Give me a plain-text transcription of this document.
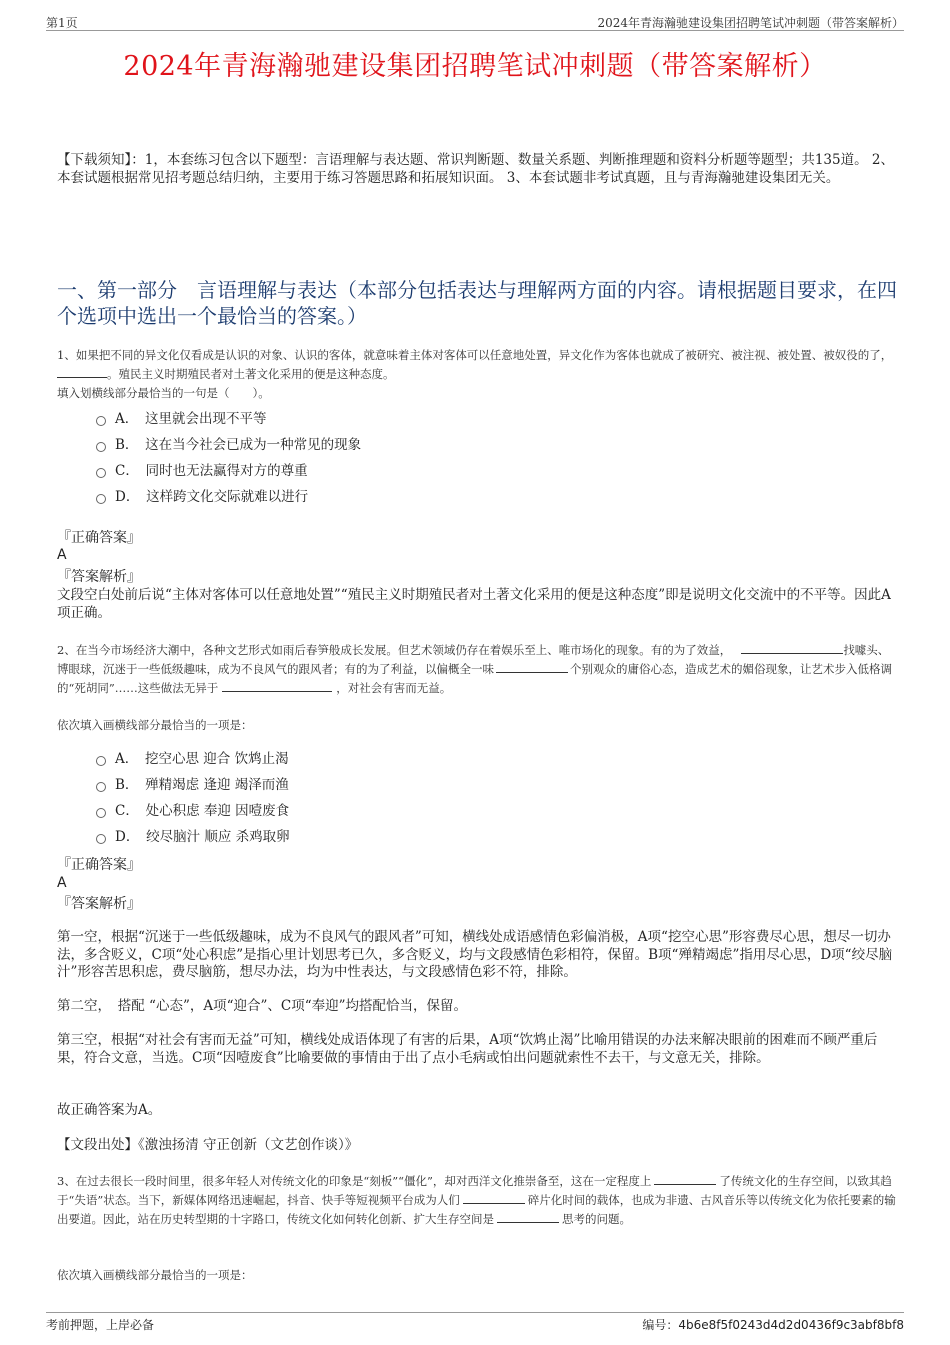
第1页	2024年青海瀚驰建设集团招聘笔试冲刺题（带答案解析）
2024年青海瀚驰建设集团招聘笔试冲刺题（带答案解析）
【下载须知】：1，本套练习包含以下题型：言语理解与表达题、常识判断题、数量关系题、判断推理题和资料分析题等题型；共135道。 2、本套试题根据常见招考题总结归纳，主要用于练习答题思路和拓展知识面。 3、本套试题非考试真题，且与青海瀚驰建设集团无关。
一、第一部分　言语理解与表达（本部分包括表达与理解两方面的内容。请根据题目要求，在四个选项中选出一个最恰当的答案。）
1、如果把不同的异文化仅看成是认识的对象、认识的客体，就意味着主体对客体可以任意地处置，异文化作为客体也就成了被研究、被注视、被处置、被奴役的了，。殖民主义时期殖民者对土著文化采用的便是这种态度。
填入划横线部分最恰当的一句是（　　）。
A．　这里就会出现不平等
B．　这在当今社会已成为一种常见的现象
C．　同时也无法赢得对方的尊重
D．　这样跨文化交际就难以进行
『正确答案』
A
『答案解析』
文段空白处前后说“主体对客体可以任意地处置”“殖民主义时期殖民者对土著文化采用的便是这种态度”即是说明文化交流中的不平等。因此A项正确。
2、在当今市场经济大潮中，各种文艺形式如雨后春笋般成长发展。但艺术领域仍存在着娱乐至上、唯市场化的现象。有的为了效益，	找噱头、博眼球，沉迷于一些低级趣味，成为不良风气的跟风者；有的为了利益，以偏概全一味	个别观众的庸俗心态，造成艺术的媚俗现象，让艺术步入低格调的“死胡同”……这些做法无异于	，对社会有害而无益。
依次填入画横线部分最恰当的一项是：
A．　挖空心思 迎合 饮鸩止渴
B．　殚精竭虑 逢迎 竭泽而渔
C．　处心积虑 奉迎 因噎废食
D．　绞尽脑汁 顺应 杀鸡取卵
『正确答案』
A
『答案解析』
第一空，根据“沉迷于一些低级趣味，成为不良风气的跟风者”可知，横线处成语感情色彩偏消极，A项“挖空心思”形容费尽心思，想尽一切办法，多含贬义，C项“处心积虑”是指心里计划思考已久，多含贬义，均与文段感情色彩相符，保留。B项“殚精竭虑”指用尽心思，D项“绞尽脑汁”形容苦思积虑，费尽脑筋，想尽办法，均为中性表达，与文段感情色彩不符，排除。
第二空，　搭配 “心态”，A项“迎合”、C项“奉迎”均搭配恰当，保留。
第三空，根据“对社会有害而无益”可知，横线处成语体现了有害的后果，A项“饮鸩止渴”比喻用错误的办法来解决眼前的困难而不顾严重后果，符合文意，当选。C项“因噎废食”比喻要做的事情由于出了点小毛病或怕出问题就索性不去干，与文意无关，排除。
故正确答案为A。
【文段出处】《激浊扬清 守正创新（文艺创作谈）》
3、在过去很长一段时间里，很多年轻人对传统文化的印象是“刻板”“僵化”，却对西洋文化推崇备至，这在一定程度上	了传统文化的生存空间，以致其趋于“失语”状态。当下，新媒体网络迅速崛起，抖音、快手等短视频平台成为人们	碎片化时间的载体，也成为非遗、古风音乐等以传统文化为依托要素的输出要道。因此，站在历史转型期的十字路口，传统文化如何转化创新、扩大生存空间是	思考的问题。
依次填入画横线部分最恰当的一项是：
考前押题，上岸必备	编号：4b6e8f5f0243d4d2d0436f9c3abf8bf8
